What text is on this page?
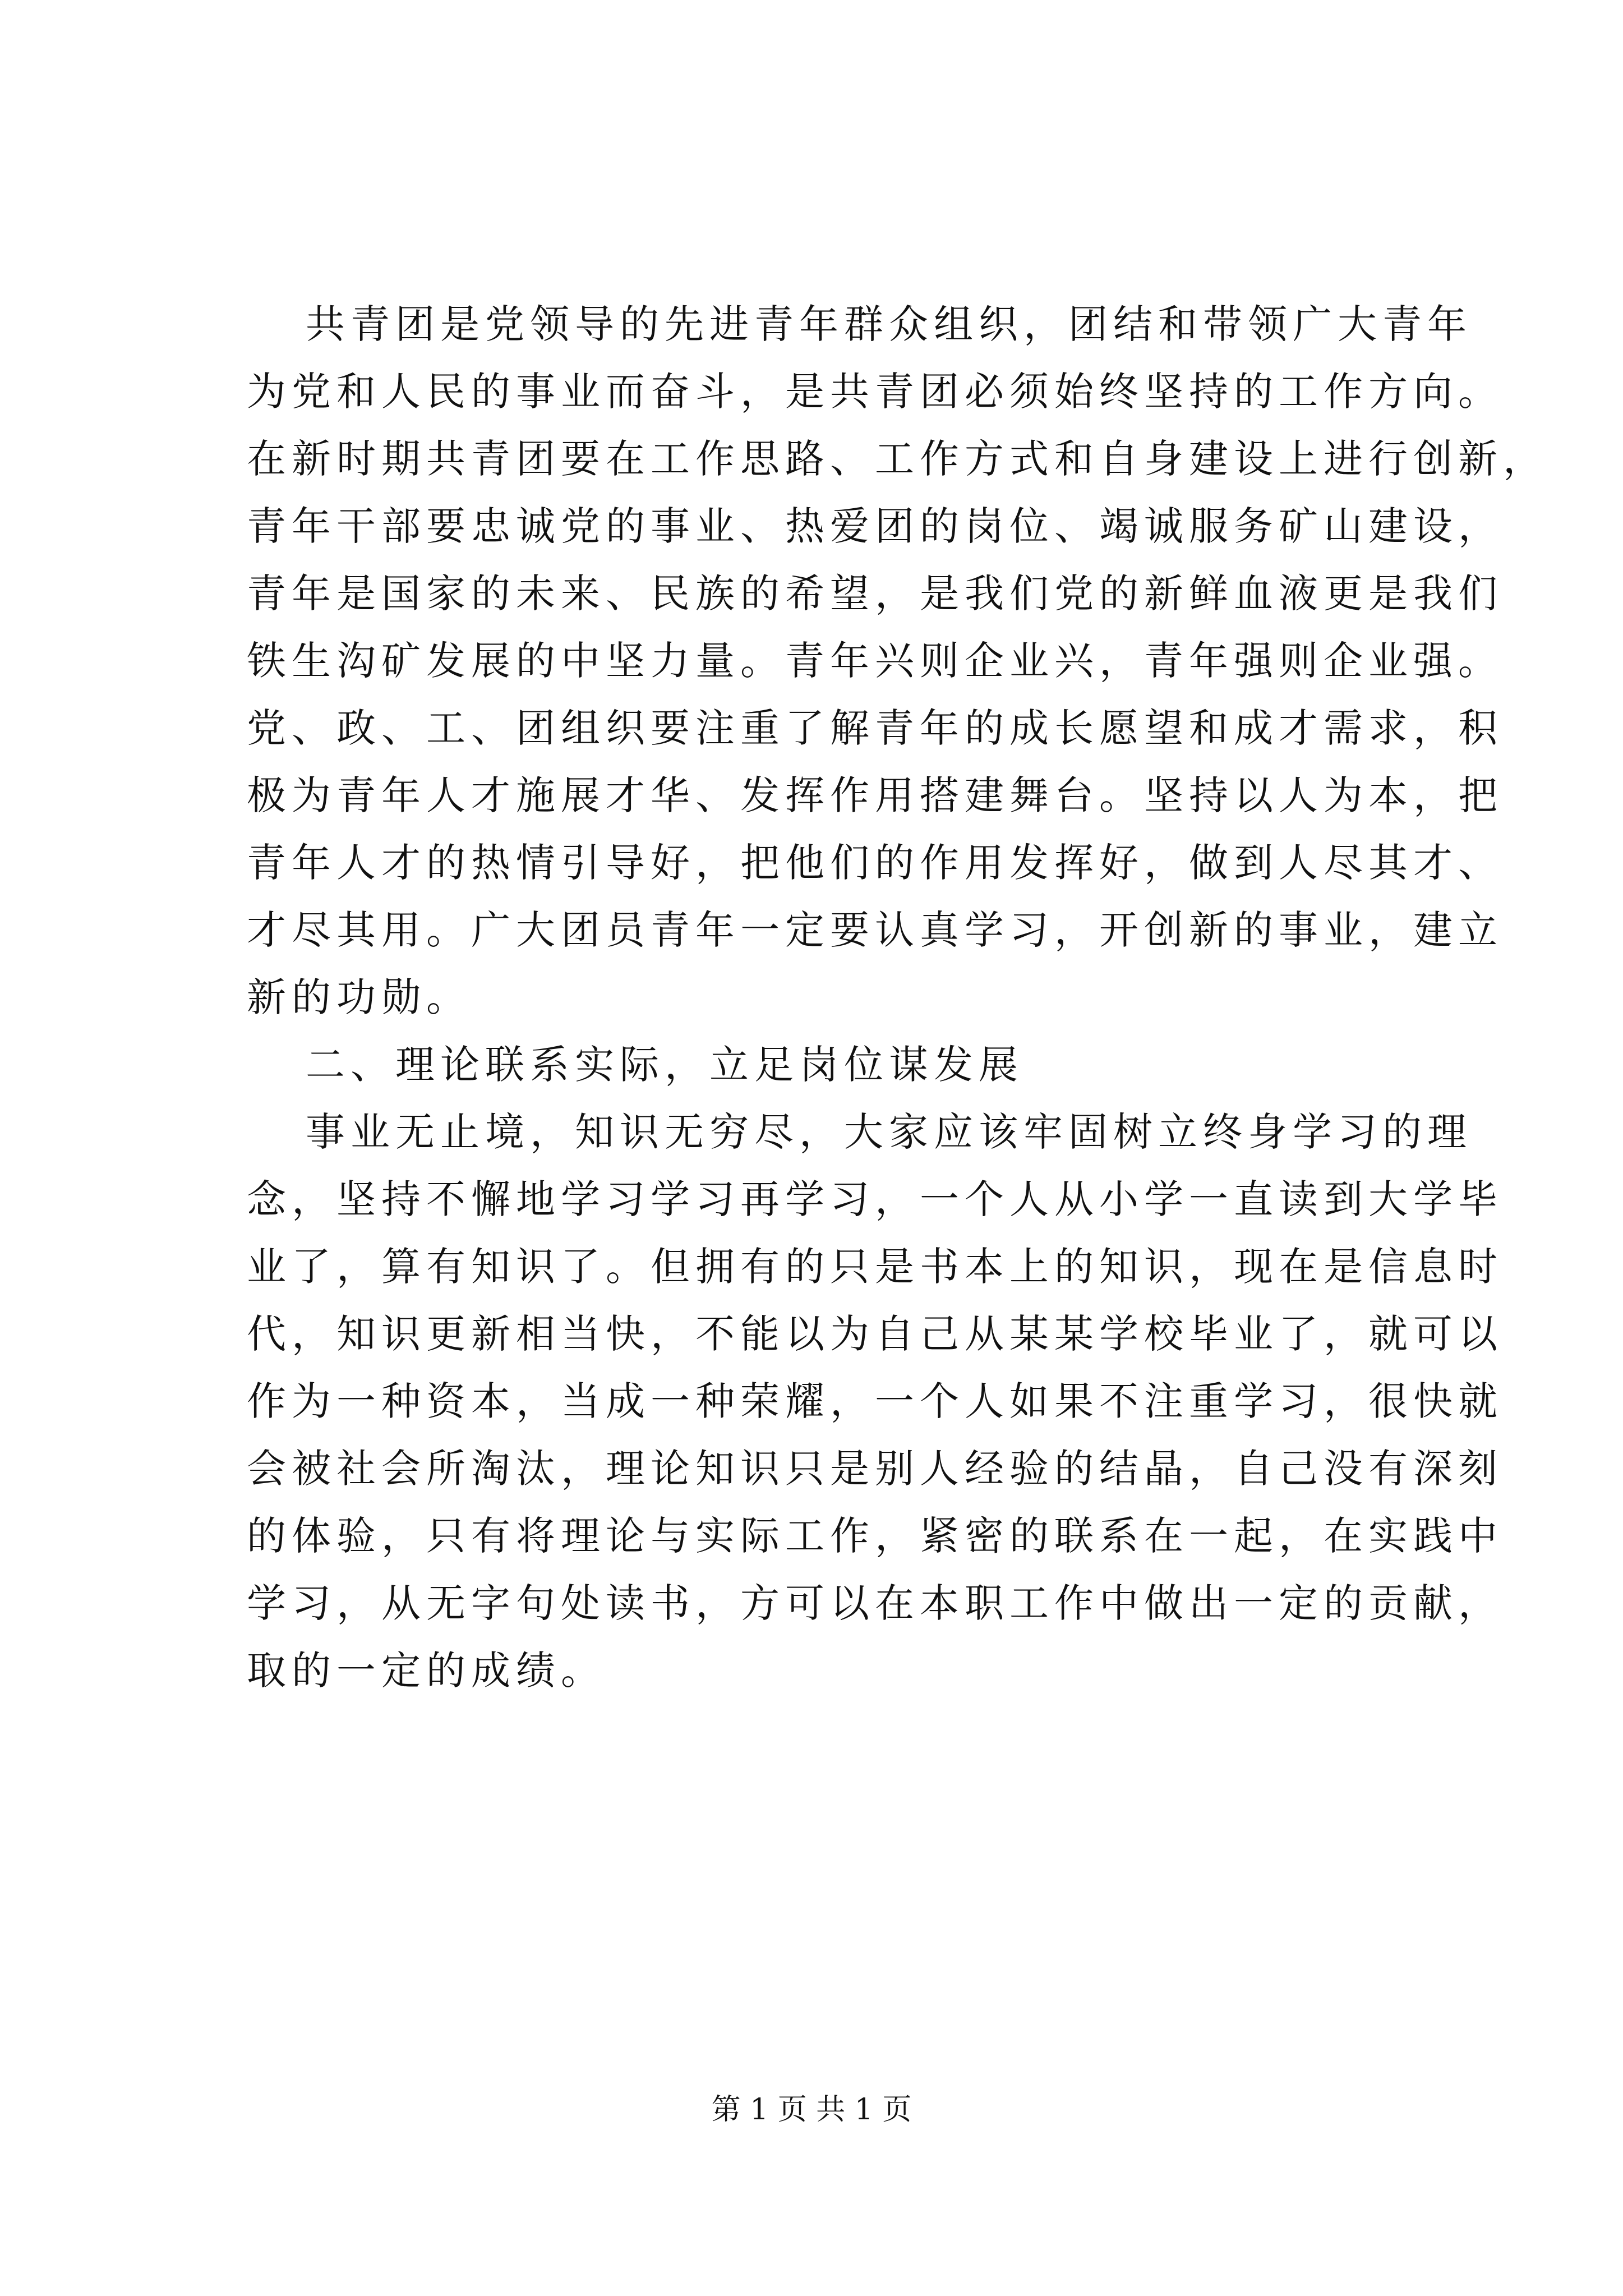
共青团是党领导的先进青年群众组织，团结和带领广大青年
为党和人民的事业而奋斗，是共青团必须始终坚持的工作方向。
在新时期共青团要在工作思路、工作方式和自身建设上进行创新，
青年干部要忠诚党的事业、热爱团的岗位、竭诚服务矿山建设，
青年是国家的未来、民族的希望，是我们党的新鲜血液更是我们
铁生沟矿发展的中坚力量。青年兴则企业兴，青年强则企业强。
党、政、工、团组织要注重了解青年的成长愿望和成才需求，积
极为青年人才施展才华、发挥作用搭建舞台。坚持以人为本，把
青年人才的热情引导好，把他们的作用发挥好，做到人尽其才、
才尽其用。广大团员青年一定要认真学习，开创新的事业，建立
新的功勋。
二、理论联系实际，立足岗位谋发展
事业无止境，知识无穷尽，大家应该牢固树立终身学习的理
念，坚持不懈地学习学习再学习，一个人从小学一直读到大学毕
业了，算有知识了。但拥有的只是书本上的知识，现在是信息时
代，知识更新相当快，不能以为自己从某某学校毕业了，就可以
作为一种资本，当成一种荣耀，一个人如果不注重学习，很快就
会被社会所淘汰，理论知识只是别人经验的结晶，自己没有深刻
的体验，只有将理论与实际工作，紧密的联系在一起，在实践中
学习，从无字句处读书，方可以在本职工作中做出一定的贡献，
取的一定的成绩。
第 1 页 共 1 页
